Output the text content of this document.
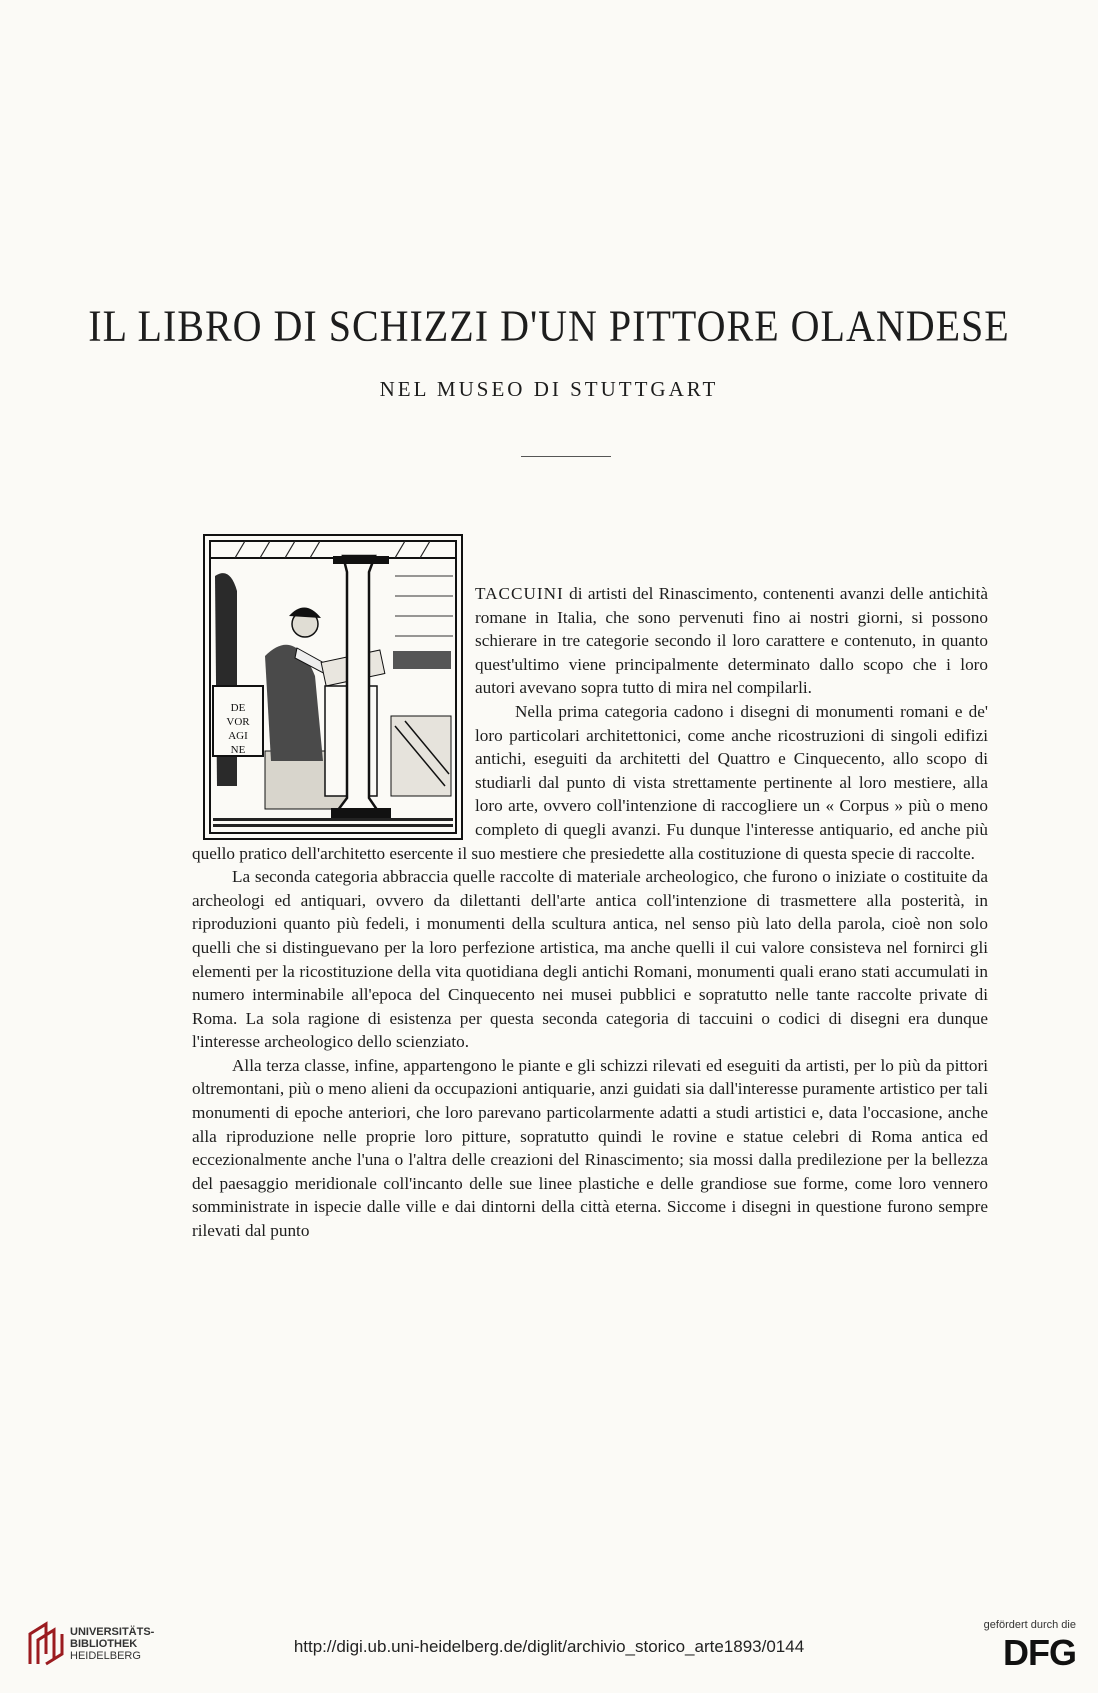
IL LIBRO DI SCHIZZI D'UN PITTORE OLANDESE
NEL MUSEO DI STUTTGART
DE
VOR
AGI
NE

TACCUINI di artisti del Rinascimento, contenenti avanzi delle antichità romane in Italia, che sono pervenuti fino ai nostri giorni, si possono schierare in tre categorie secondo il loro carattere e contenuto, in quanto quest'ultimo viene principalmente determinato dallo scopo che i loro autori avevano sopra tutto di mira nel compilarli.

Nella prima categoria cadono i disegni di monumenti romani e de' loro particolari architettonici, come anche ricostruzioni di singoli edifizi antichi, eseguiti da architetti del Quattro e Cinquecento, allo scopo di studiarli dal punto di vista strettamente pertinente al loro mestiere, alla loro arte, ovvero coll'intenzione di raccogliere un « Corpus » più o meno completo di quegli avanzi. Fu dunque l'interesse antiquario, ed anche più quello pratico dell'architetto esercente il suo mestiere che presiedette alla costituzione di questa specie di raccolte.

La seconda categoria abbraccia quelle raccolte di materiale archeologico, che furono o iniziate o costituite da archeologi ed antiquari, ovvero da dilettanti dell'arte antica coll'intenzione di trasmettere alla posterità, in riproduzioni quanto più fedeli, i monumenti della scultura antica, nel senso più lato della parola, cioè non solo quelli che si distinguevano per la loro perfezione artistica, ma anche quelli il cui valore consisteva nel fornirci gli elementi per la ricostituzione della vita quotidiana degli antichi Romani, monumenti quali erano stati accumulati in numero interminabile all'epoca del Cinquecento nei musei pubblici e sopratutto nelle tante raccolte private di Roma. La sola ragione di esistenza per questa seconda categoria di taccuini o codici di disegni era dunque l'interesse archeologico dello scienziato.

Alla terza classe, infine, appartengono le piante e gli schizzi rilevati ed eseguiti da artisti, per lo più da pittori oltremontani, più o meno alieni da occupazioni antiquarie, anzi guidati sia dall'interesse puramente artistico per tali monumenti di epoche anteriori, che loro parevano particolarmente adatti a studi artistici e, data l'occasione, anche alla riproduzione nelle proprie loro pitture, sopratutto quindi le rovine e statue celebri di Roma antica ed eccezionalmente anche l'una o l'altra delle creazioni del Rinascimento; sia mossi dalla predilezione per la bellezza del paesaggio meridionale coll'incanto delle sue linee plastiche e delle grandiose sue forme, come loro vennero somministrate in ispecie dalle ville e dai dintorni della città eterna. Siccome i disegni in questione furono sempre rilevati dal punto

UNIVERSITÄTS-
BIBLIOTHEK
HEIDELBERG	http://digi.ub.uni-heidelberg.de/diglit/archivio_storico_arte1893/0144
gefördert durch die
DFG
